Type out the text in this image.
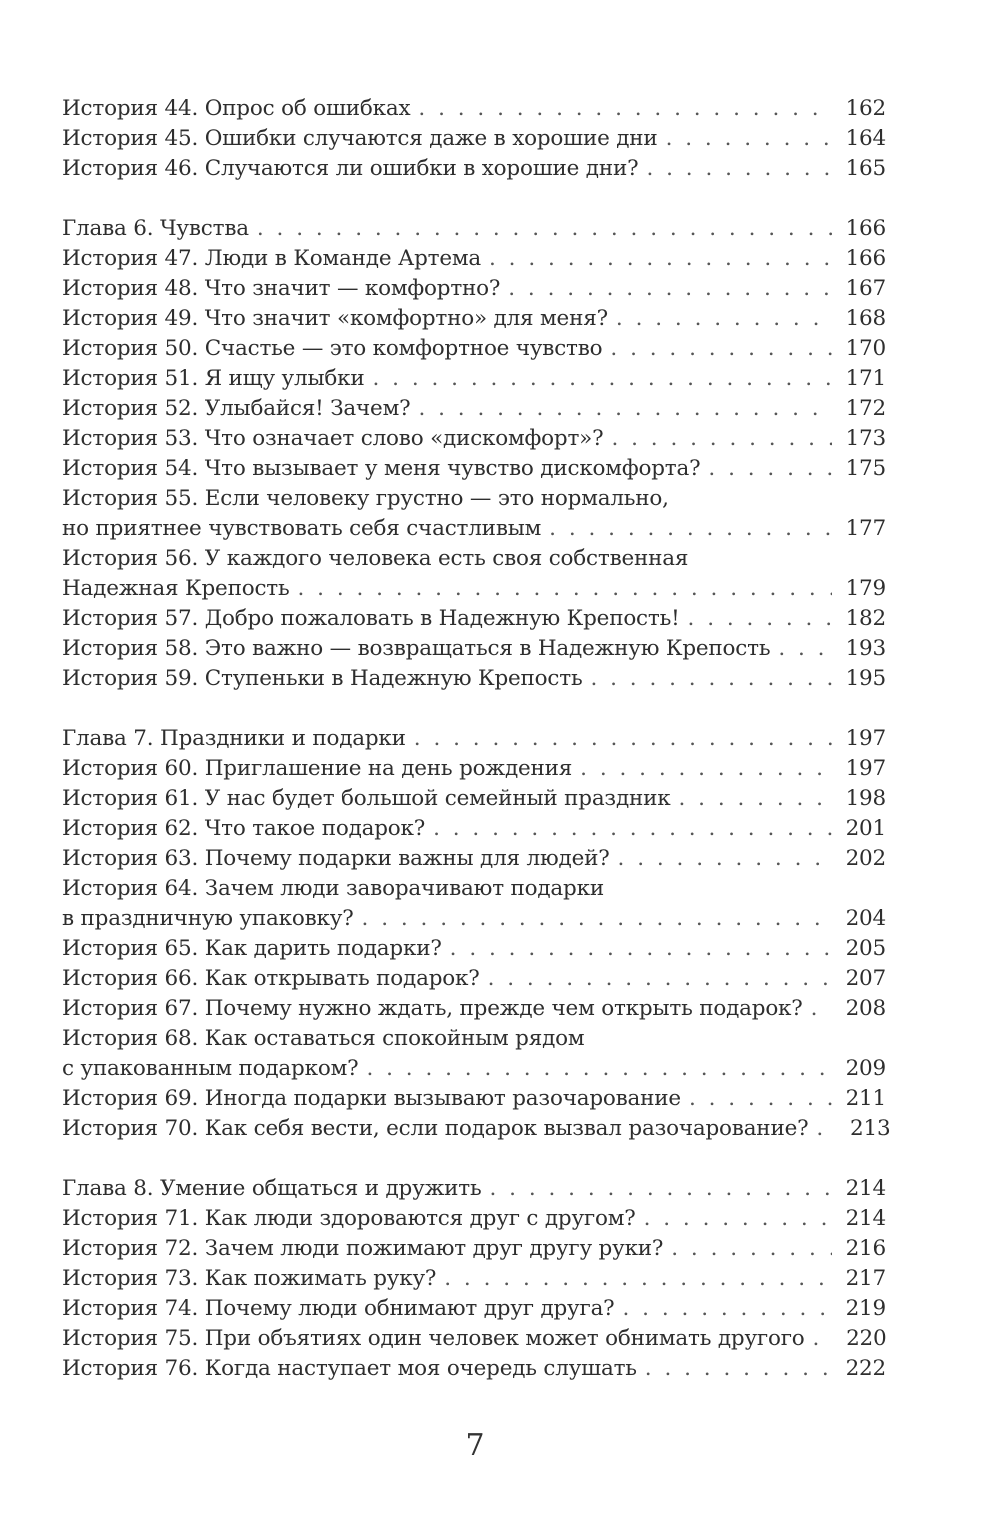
История 44. Опрос об ошибках . . .	162
История 45. Ошибки случаются даже в хорошие дни . . .	164
История 46. Случаются ли ошибки в хорошие дни? . . .	165
Глава 6. Чувства . . .	166
История 47. Люди в Команде Артема . . .	166
История 48. Что значит — комфортно? . . .	167
История 49. Что значит «комфортно» для меня? . . .	168
История 50. Счастье — это комфортное чувство . . .	170
История 51. Я ищу улыбки . . .	171
История 52. Улыбайся! Зачем? . . .	172
История 53. Что означает слово «дискомфорт»? . . .	173
История 54. Что вызывает у меня чувство дискомфорта? . . .	175
История 55. Если человеку грустно — это нормально,
но приятнее чувствовать себя счастливым . . .	177
История 56. У каждого человека есть своя собственная
Надежная Крепость . . .	179
История 57. Добро пожаловать в Надежную Крепость! . . .	182
История 58. Это важно — возвращаться в Надежную Крепость . . .	193
История 59. Ступеньки в Надежную Крепость . . .	195
Глава 7. Праздники и подарки . . .	197
История 60. Приглашение на день рождения . . .	197
История 61. У нас будет большой семейный праздник . . .	198
История 62. Что такое подарок? . . .	201
История 63. Почему подарки важны для людей? . . .	202
История 64. Зачем люди заворачивают подарки
в праздничную упаковку? . . .	204
История 65. Как дарить подарки? . . .	205
История 66. Как открывать подарок? . . .	207
История 67. Почему нужно ждать, прежде чем открыть подарок? . . .	208
История 68. Как оставаться спокойным рядом
с упакованным подарком? . . .	209
История 69. Иногда подарки вызывают разочарование . . .	211
История 70. Как себя вести, если подарок вызвал разочарование? . . .	213
Глава 8. Умение общаться и дружить . . .	214
История 71. Как люди здороваются друг с другом? . . .	214
История 72. Зачем люди пожимают друг другу руки? . . .	216
История 73. Как пожимать руку? . . .	217
История 74. Почему люди обнимают друг друга? . . .	219
История 75. При объятиях один человек может обнимать другого . . .	220
История 76. Когда наступает моя очередь слушать . . .	222
7
